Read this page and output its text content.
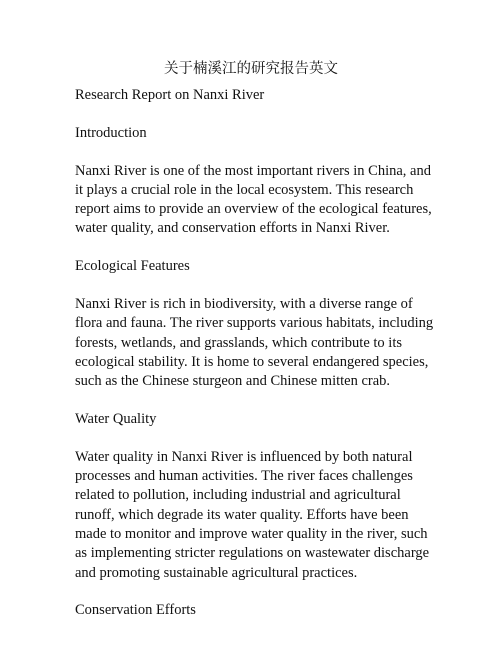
关于楠溪江的研究报告英文

Research Report on Nanxi River

Introduction

Nanxi River is one of the most important rivers in China, and it plays a crucial role in the local ecosystem. This research report aims to provide an overview of the ecological features, water quality, and conservation efforts in Nanxi River.

Ecological Features

Nanxi River is rich in biodiversity, with a diverse range of flora and fauna. The river supports various habitats, including forests, wetlands, and grasslands, which contribute to its ecological stability. It is home to several endangered species, such as the Chinese sturgeon and Chinese mitten crab.

Water Quality

Water quality in Nanxi River is influenced by both natural processes and human activities. The river faces challenges related to pollution, including industrial and agricultural runoff, which degrade its water quality. Efforts have been made to monitor and improve water quality in the river, such as implementing stricter regulations on wastewater discharge and promoting sustainable agricultural practices.

Conservation Efforts
